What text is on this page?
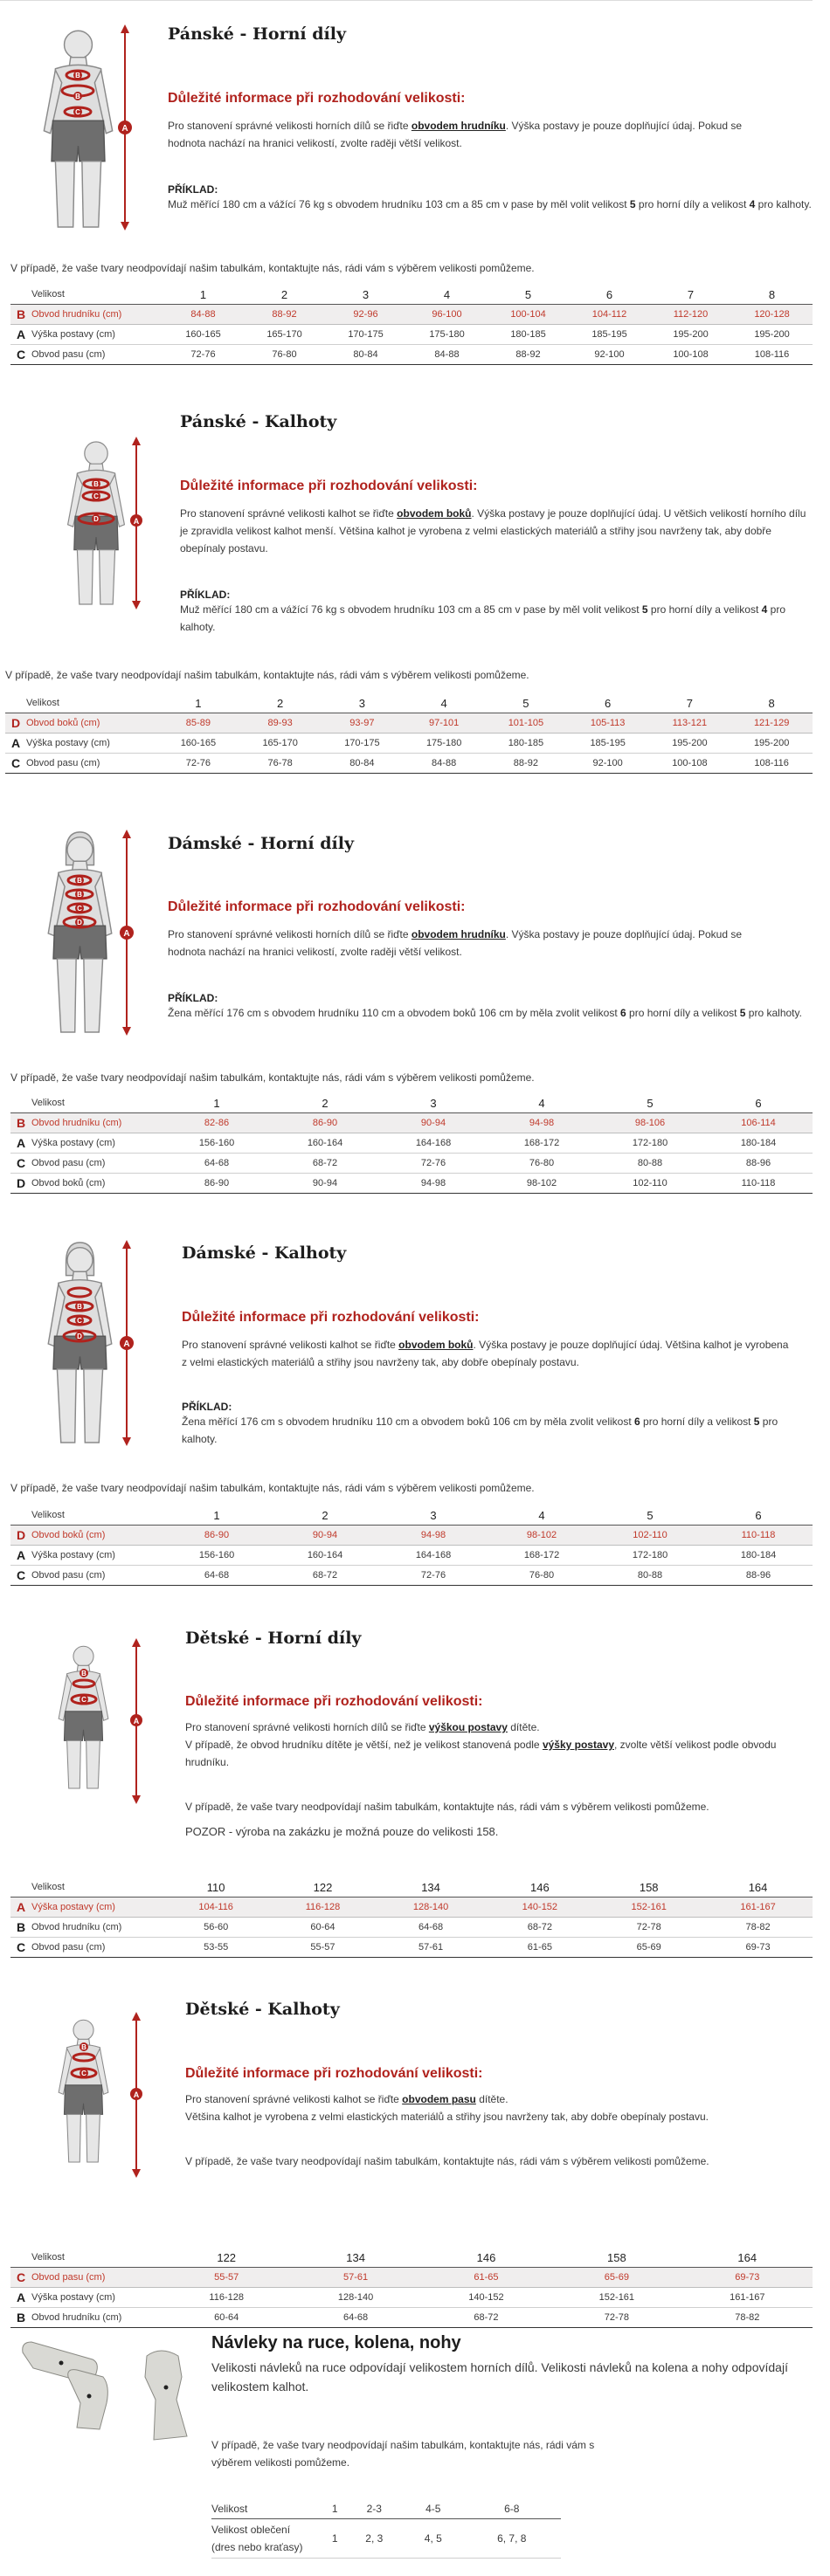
B
B
C
A
Pánské - Horní díly
Důležité informace při rozhodování velikosti:
Pro stanovení správné velikosti horních dílů se řiďte obvodem hrudníku. Výška postavy je pouze doplňující údaj. Pokud se hodnota nachází na hranici velikostí, zvolte raději větší velikost.
PŘÍKLAD:
Muž měřící 180 cm a vážící 76 kg s obvodem hrudníku 103 cm a 85 cm v pase by měl volit velikost 5 pro horní díly a velikost 4 pro kalhoty.
V případě, že vaše tvary neodpovídají našim tabulkám, kontaktujte nás, rádi vám s výběrem velikosti pomůžeme.
	Velikost	1	2	3	4	5	6	7	8
B	Obvod hrudníku (cm)	84-88	88-92	92-96	96-100	100-104	104-112	112-120	120-128
A	Výška postavy (cm)	160-165	165-170	170-175	175-180	180-185	185-195	195-200	195-200
C	Obvod pasu (cm)	72-76	76-80	80-84	84-88	88-92	92-100	100-108	108-116
B
C
D	A
Pánské - Kalhoty
Důležité informace při rozhodování velikosti:
Pro stanovení správné velikosti kalhot se řiďte obvodem boků. Výška postavy je pouze doplňující údaj. U většich velikostí horního dílu je zpravidla velikost kalhot menší. Většina kalhot je vyrobena z velmi elastických materiálů a střihy jsou navrženy tak, aby dobře obepínaly postavu.
PŘÍKLAD:
Muž měřící 180 cm a vážící 76 kg s obvodem hrudníku 103 cm a 85 cm v pase by měl volit velikost 5 pro horní díly a velikost 4 pro kalhoty.
V případě, že vaše tvary neodpovídají našim tabulkám, kontaktujte nás, rádi vám s výběrem velikosti pomůžeme.
	Velikost	1	2	3	4	5	6	7	8
D	Obvod boků (cm)	85-89	89-93	93-97	97-101	101-105	105-113	113-121	121-129
A	Výška postavy (cm)	160-165	165-170	170-175	175-180	180-185	185-195	195-200	195-200
C	Obvod pasu (cm)	72-76	76-78	80-84	84-88	88-92	92-100	100-108	108-116
B
B
C
D
A
Dámské - Horní díly
Důležité informace při rozhodování velikosti:
Pro stanovení správné velikosti horních dílů se řiďte obvodem hrudníku. Výška postavy je pouze doplňující údaj. Pokud se hodnota nachází na hranici velikostí, zvolte raději větší velikost.
PŘÍKLAD:
Žena měřící 176 cm s obvodem hrudníku 110 cm a obvodem boků 106 cm by měla zvolit velikost 6 pro horní díly a velikost 5 pro kalhoty.
V případě, že vaše tvary neodpovídají našim tabulkám, kontaktujte nás, rádi vám s výběrem velikosti pomůžeme.
	Velikost	1	2	3	4	5	6
B	Obvod hrudníku (cm)	82-86	86-90	90-94	94-98	98-106	106-114
A	Výška postavy (cm)	156-160	160-164	164-168	168-172	172-180	180-184
C	Obvod pasu (cm)	64-68	68-72	72-76	76-80	80-88	88-96
D	Obvod boků (cm)	86-90	90-94	94-98	98-102	102-110	110-118
B
C
D
A
Dámské - Kalhoty
Důležité informace při rozhodování velikosti:
Pro stanovení správné velikosti kalhot se řiďte obvodem boků. Výška postavy je pouze doplňující údaj. Většina kalhot je vyrobena z velmi elastických materiálů a střihy jsou navrženy tak, aby dobře obepínaly postavu.
PŘÍKLAD:
Žena měřící 176 cm s obvodem hrudníku 110 cm a obvodem boků 106 cm by měla zvolit velikost 6 pro horní díly a velikost 5 pro kalhoty.
V případě, že vaše tvary neodpovídají našim tabulkám, kontaktujte nás, rádi vám s výběrem velikosti pomůžeme.
	Velikost	1	2	3	4	5	6
D	Obvod boků (cm)	86-90	90-94	94-98	98-102	102-110	110-118
A	Výška postavy (cm)	156-160	160-164	164-168	168-172	172-180	180-184
C	Obvod pasu (cm)	64-68	68-72	72-76	76-80	80-88	88-96
B
C
A
Dětské - Horní díly
Důležité informace při rozhodování velikosti:
Pro stanovení správné velikosti horních dílů se řiďte výškou postavy dítěte.
V případě, že obvod hrudníku dítěte je větší, než je velikost stanovená podle výšky postavy, zvolte větší velikost podle obvodu hrudníku.
V případě, že vaše tvary neodpovídají našim tabulkám, kontaktujte nás, rádi vám s výběrem velikosti pomůžeme.
POZOR - výroba na zakázku je možná pouze do velikosti 158.
	Velikost	110	122	134	146	158	164
A	Výška postavy (cm)	104-116	116-128	128-140	140-152	152-161	161-167
B	Obvod hrudníku (cm)	56-60	60-64	64-68	68-72	72-78	78-82
C	Obvod pasu (cm)	53-55	55-57	57-61	61-65	65-69	69-73
B
C
A
Dětské - Kalhoty
Důležité informace při rozhodování velikosti:
Pro stanovení správné velikosti kalhot se řiďte obvodem pasu dítěte.
Většina kalhot je vyrobena z velmi elastických materiálů a střihy jsou navrženy tak, aby dobře obepínaly postavu.
V případě, že vaše tvary neodpovídají našim tabulkám, kontaktujte nás, rádi vám s výběrem velikosti pomůžeme.
	Velikost	122	134	146	158	164
C	Obvod pasu (cm)	55-57	57-61	61-65	65-69	69-73
A	Výška postavy (cm)	116-128	128-140	140-152	152-161	161-167
B	Obvod hrudníku (cm)	60-64	64-68	68-72	72-78	78-82
Návleky na ruce, kolena, nohy
Velikosti návleků na ruce odpovídají velikostem horních dílů. Velikosti návleků na kolena a nohy odpovídají velikostem kalhot.
V případě, že vaše tvary neodpovídají našim tabulkám, kontaktujte nás, rádi vám s výběrem velikosti pomůžeme.
Velikost	1	2-3	4-5	6-8
Velikost oblečení
(dres nebo kraťasy)	1	2, 3	4, 5	6, 7, 8
